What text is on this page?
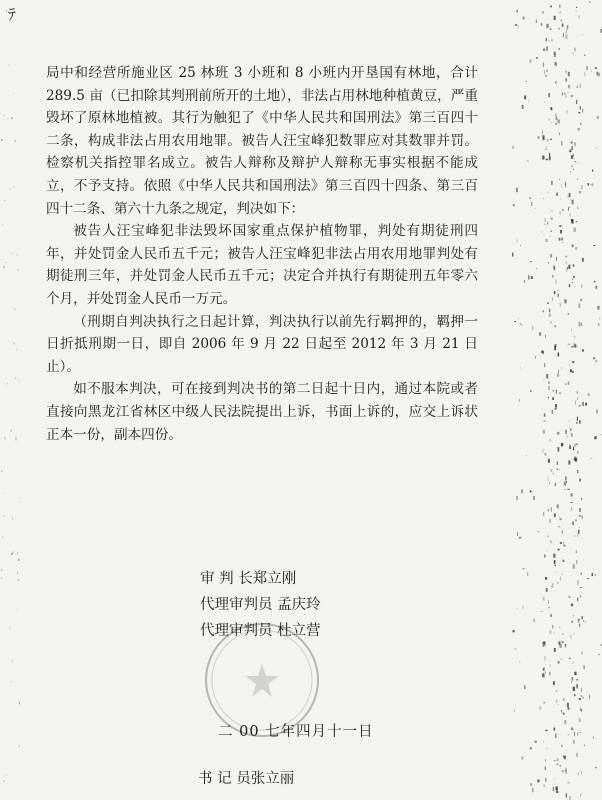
ﾃ

局中和经营所施业区 25 林班 3 小班和 8 小班内开垦国有林地，合计 289.5 亩（已扣除其判刑前所开的土地），非法占用林地种植黄豆，严重毁坏了原林地植被。其行为触犯了《中华人民共和国刑法》第三百四十二条，构成非法占用农用地罪。被告人汪宝峰犯数罪应对其数罪并罚。检察机关指控罪名成立。被告人辩称及辩护人辩称无事实根据不能成立，不予支持。依照《中华人民共和国刑法》第三百四十四条、第三百四十二条、第六十九条之规定，判决如下：

被告人汪宝峰犯非法毁坏国家重点保护植物罪，判处有期徒刑四年，并处罚金人民币五千元；被告人汪宝峰犯非法占用农用地罪判处有期徒刑三年，并处罚金人民币五千元；决定合并执行有期徒刑五年零六个月，并处罚金人民币一万元。

（刑期自判决执行之日起计算，判决执行以前先行羁押的，羁押一日折抵刑期一日，即自 2006 年 9 月 22 日起至 2012 年 3 月 21 日止）。

如不服本判决，可在接到判决书的第二日起十日内，通过本院或者直接向黑龙江省林区中级人民法院提出上诉，书面上诉的，应交上诉状正本一份，副本四份。

审 判 长郑立刚
代理审判员 孟庆玲
代理审判员 杜立营
二 00 七年四月十一日
书 记 员张立丽
